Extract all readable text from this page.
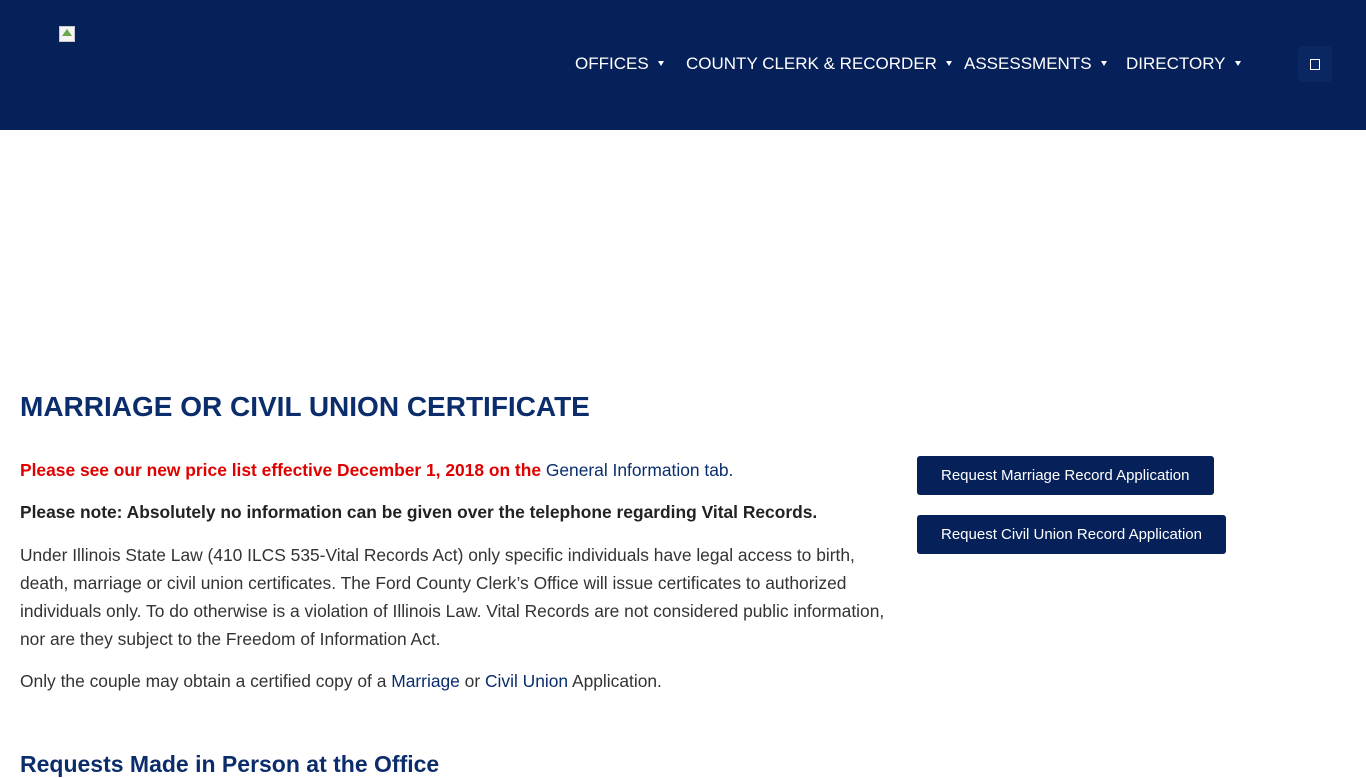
OFFICES	COUNTY CLERK & RECORDER	ASSESSMENTS	DIRECTORY
MARRIAGE OR CIVIL UNION CERTIFICATE

Please see our new price list effective December 1, 2018 on the General Information tab.

Please note: Absolutely no information can be given over the telephone regarding Vital Records.

Under Illinois State Law (410 ILCS 535-Vital Records Act) only specific individuals have legal access to birth, death, marriage or civil union certificates. The Ford County Clerk’s Office will issue certificates to authorized individuals only. To do otherwise is a violation of Illinois Law. Vital Records are not considered public information, nor are they subject to the Freedom of Information Act.

Only the couple may obtain a certified copy of a Marriage or Civil Union Application.

Requests Made in Person at the Office
Request Marriage Record Application
Request Civil Union Record Application
